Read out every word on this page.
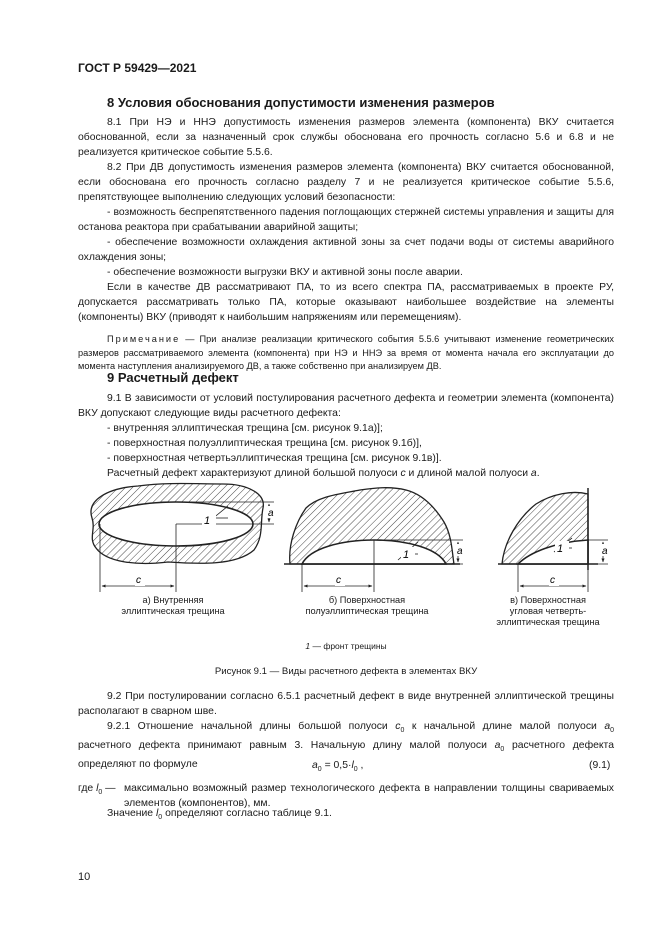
ГОСТ Р 59429—2021
8 Условия обоснования допустимости изменения размеров

8.1 При НЭ и ННЭ допустимость изменения размеров элемента (компонента) ВКУ считается обоснованной, если за назначенный срок службы обоснована его прочность согласно 5.6 и 6.8 и не реализуется критическое событие 5.5.6.

8.2 При ДВ допустимость изменения размеров элемента (компонента) ВКУ считается обоснованной, если обоснована его прочность согласно разделу 7 и не реализуется критическое событие 5.5.6, препятствующее выполнению следующих условий безопасности:

- возможность беспрепятственного падения поглощающих стержней системы управления и защиты для останова реактора при срабатывании аварийной защиты;

- обеспечение возможности охлаждения активной зоны за счет подачи воды от системы аварийного охлаждения зоны;

- обеспечение возможности выгрузки ВКУ и активной зоны после аварии.

Если в качестве ДВ рассматривают ПА, то из всего спектра ПА, рассматриваемых в проекте РУ, допускается рассматривать только ПА, которые оказывают наибольшее воздействие на элементы (компоненты) ВКУ (приводят к наибольшим напряжениям или перемещениям).

Примечание — При анализе реализации критического события 5.5.6 учитывают изменение геометрических размеров рассматриваемого элемента (компонента) при НЭ и ННЭ за время от момента начала его эксплуатации до момента наступления анализируемого ДВ, а также собственно при анализируем ДВ.

9 Расчетный дефект

9.1 В зависимости от условий постулирования расчетного дефекта и геометрии элемента (компонента) ВКУ допускают следующие виды расчетного дефекта:

- внутренняя эллиптическая трещина [см. рисунок 9.1а)];

- поверхностная полуэллиптическая трещина [см. рисунок 9.1б)],

- поверхностная четвертьэллиптическая трещина [см. рисунок 9.1в)].

Расчетный дефект характеризуют длиной большой полуоси c и длиной малой полуоси a.

1
c
a
1
c
a	1
c
a
а) Внутренняя
эллиптическая трещина
б) Поверхностная
полуэллиптическая трещина
в) Поверхностная
угловая четверть-
эллиптическая трещина
1 — фронт трещины
Рисунок 9.1 — Виды расчетного дефекта в элементах ВКУ

9.2 При постулировании согласно 6.5.1 расчетный дефект в виде внутренней эллиптической трещины располагают в сварном шве.

9.2.1 Отношение начальной длины большой полуоси $c_0$ к начальной длине малой полуоси $a_0$ расчетного дефекта принимают равным 3. Начальную длину малой полуоси $a_0$ расчетного дефекта определяют по формуле	$a_0 = 0,5\cdot l_0$ ,	(9.1)
где $l_0$ — максимально возможный размер технологического дефекта в направлении толщины свариваемых элементов (компонентов), мм.
Значение $l_0$ определяют согласно таблице 9.1.
10
